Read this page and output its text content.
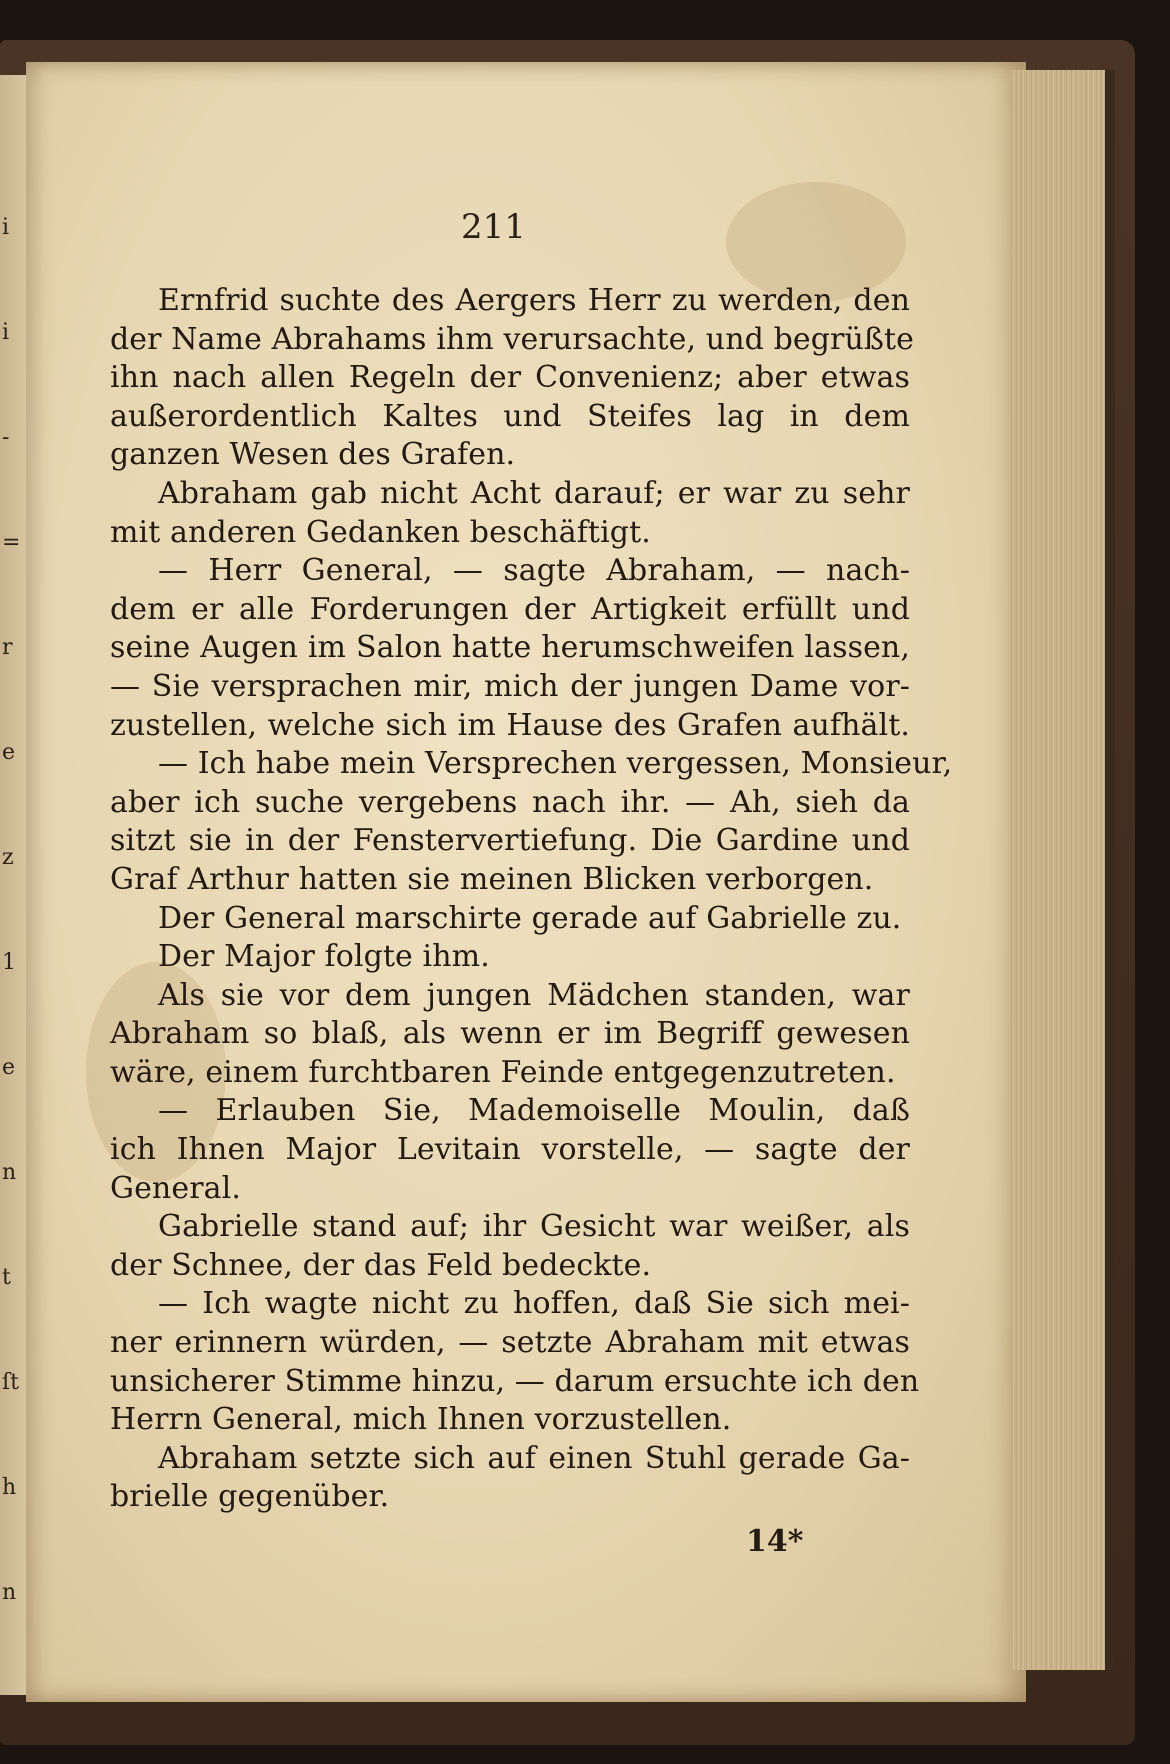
i
i
-
=
r
e
z
1
e
n
t
ſt
h
n
211
Ernfrid suchte des Aergers Herr zu werden, den
der Name Abrahams ihm verursachte, und begrüßte
ihn nach allen Regeln der Convenienz; aber etwas
außerordentlich Kaltes und Steifes lag in dem
ganzen Wesen des Grafen.
Abraham gab nicht Acht darauf; er war zu sehr
mit anderen Gedanken beschäftigt.
— Herr General, — sagte Abraham, — nach-
dem er alle Forderungen der Artigkeit erfüllt und
seine Augen im Salon hatte herumschweifen lassen,
— Sie versprachen mir, mich der jungen Dame vor-
zustellen, welche sich im Hause des Grafen aufhält.
— Ich habe mein Versprechen vergessen, Monsieur,
aber ich suche vergebens nach ihr. — Ah, sieh da
sitzt sie in der Fenstervertiefung. Die Gardine und
Graf Arthur hatten sie meinen Blicken verborgen.
Der General marschirte gerade auf Gabrielle zu.
Der Major folgte ihm.
Als sie vor dem jungen Mädchen standen, war
Abraham so blaß, als wenn er im Begriff gewesen
wäre, einem furchtbaren Feinde entgegenzutreten.
— Erlauben Sie, Mademoiselle Moulin, daß
ich Ihnen Major Levitain vorstelle, — sagte der
General.
Gabrielle stand auf; ihr Gesicht war weißer, als
der Schnee, der das Feld bedeckte.
— Ich wagte nicht zu hoffen, daß Sie sich mei-
ner erinnern würden, — setzte Abraham mit etwas
unsicherer Stimme hinzu, — darum ersuchte ich den
Herrn General, mich Ihnen vorzustellen.
Abraham setzte sich auf einen Stuhl gerade Ga-
brielle gegenüber.
14*
